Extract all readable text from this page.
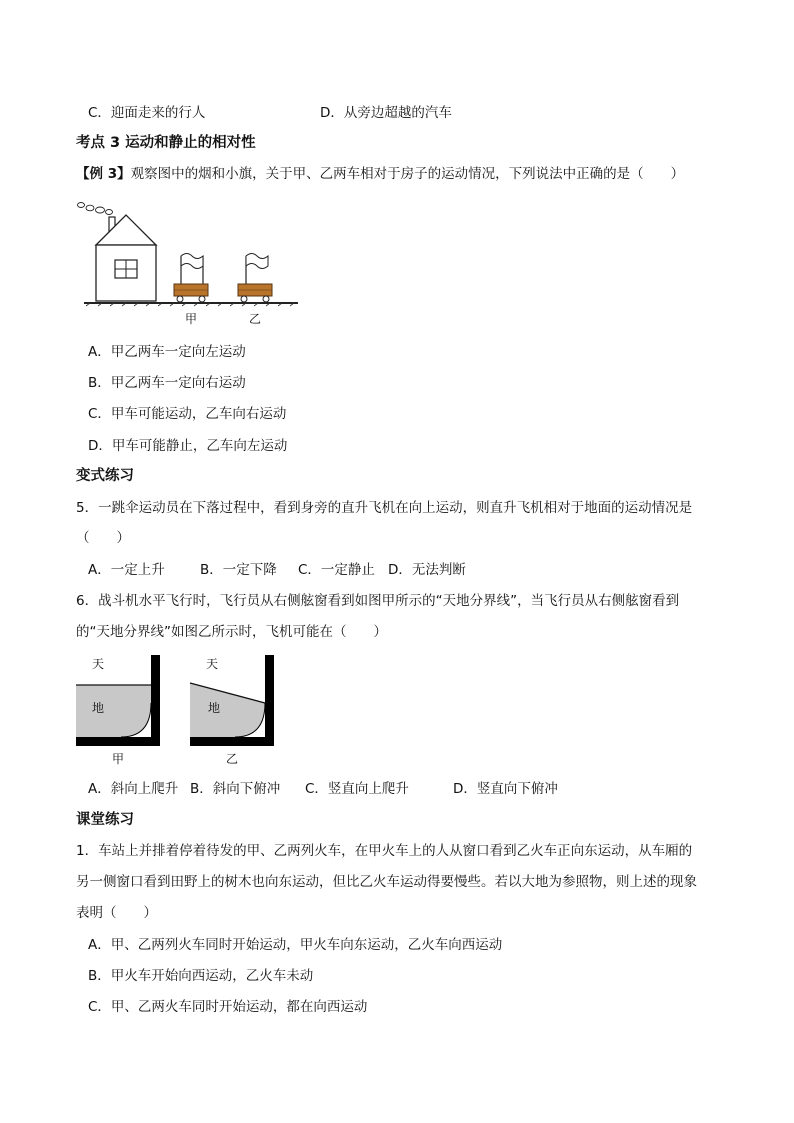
C．迎面走来的行人	D．从旁边超越的汽车
考点 3 运动和静止的相对性
【例 3】观察图中的烟和小旗，关于甲、乙两车相对于房子的运动情况，下列说法中正确的是（　　）
甲	乙
A．甲乙两车一定向左运动
B．甲乙两车一定向右运动
C．甲车可能运动，乙车向右运动
D．甲车可能静止，乙车向左运动
变式练习
5．一跳伞运动员在下落过程中，看到身旁的直升飞机在向上运动，则直升飞机相对于地面的运动情况是
（　　）
A．一定上升	B．一定下降 C．一定静止 D．无法判断
6．战斗机水平飞行时，飞行员从右侧舷窗看到如图甲所示的“天地分界线”，当飞行员从右侧舷窗看到
的“天地分界线”如图乙所示时，飞机可能在（　　）
天
地
甲
天
地
乙
A．斜向上爬升 B．斜向下俯冲 C．竖直向上爬升	D．竖直向下俯冲
课堂练习
1．车站上并排着停着待发的甲、乙两列火车，在甲火车上的人从窗口看到乙火车正向东运动，从车厢的
另一侧窗口看到田野上的树木也向东运动，但比乙火车运动得要慢些。若以大地为参照物，则上述的现象
表明（　　）
A．甲、乙两列火车同时开始运动，甲火车向东运动，乙火车向西运动
B．甲火车开始向西运动，乙火车未动
C．甲、乙两火车同时开始运动，都在向西运动
